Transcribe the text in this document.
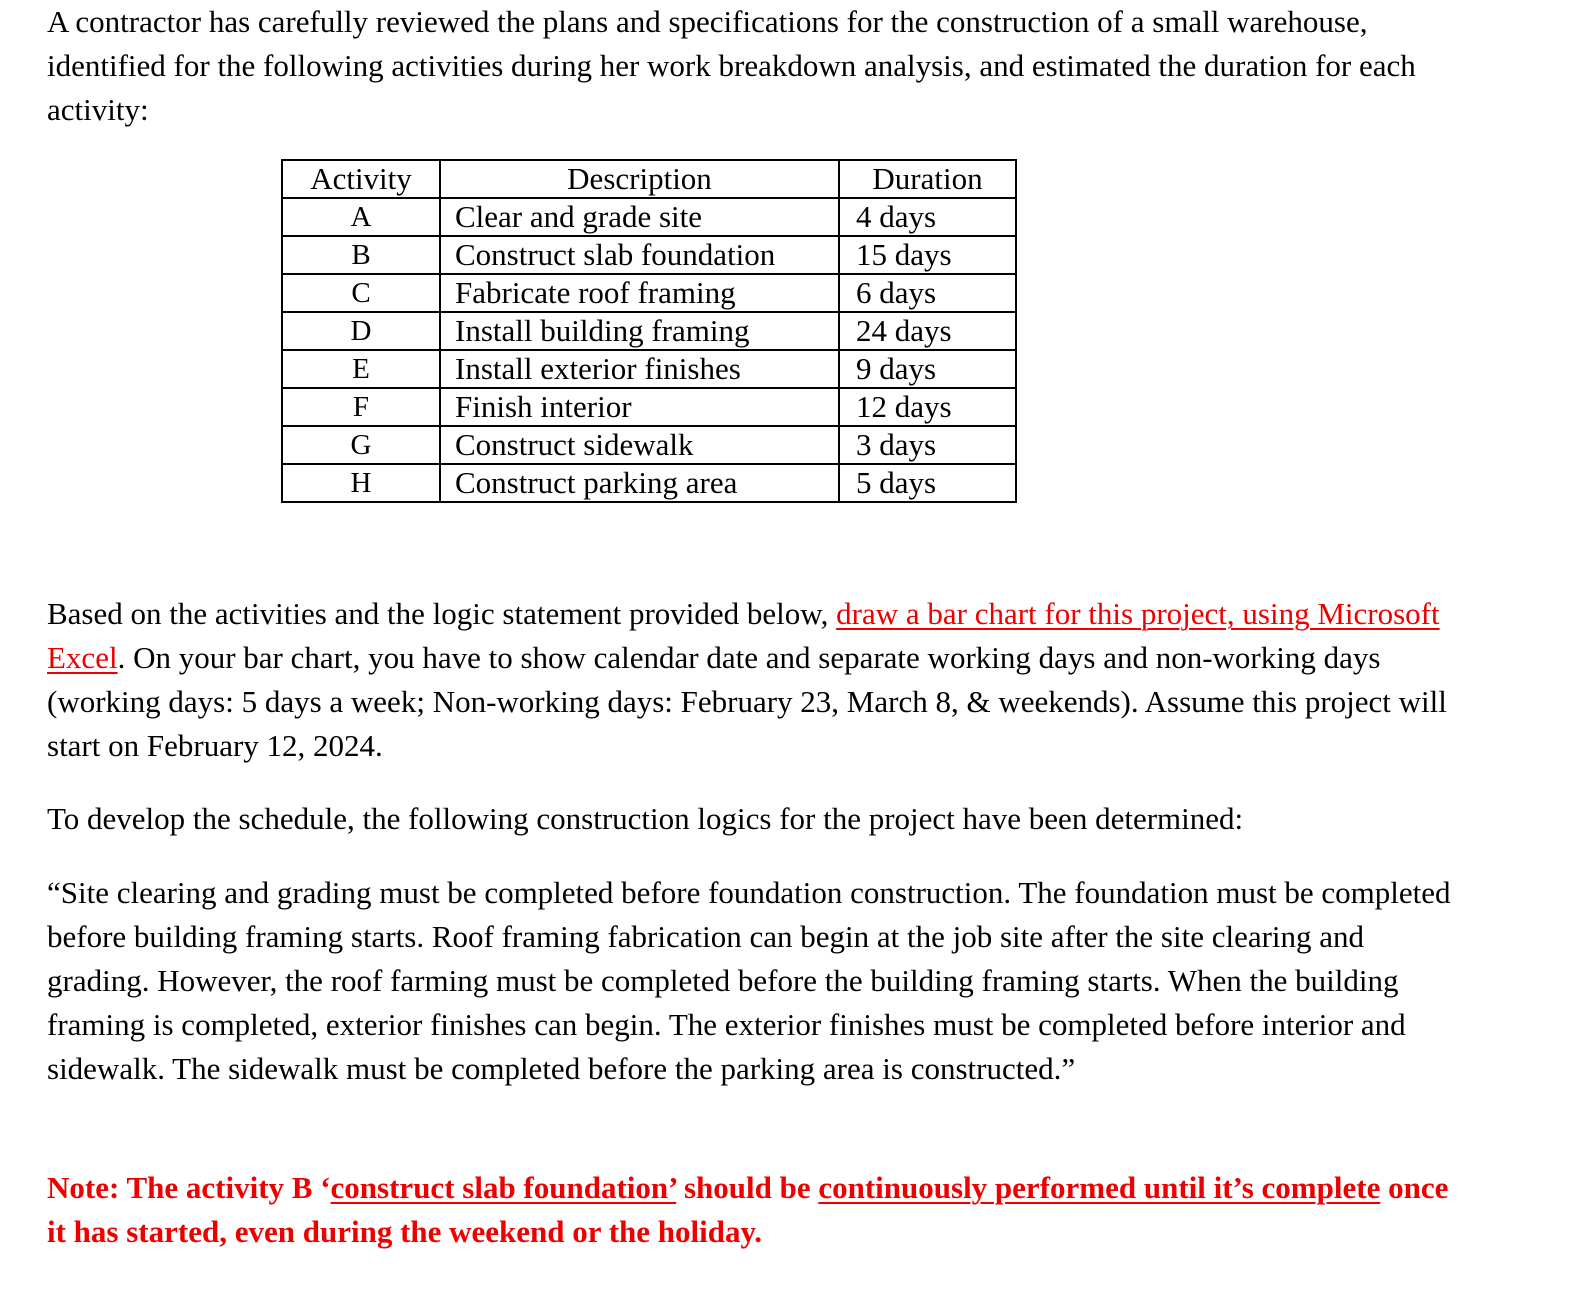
A contractor has carefully reviewed the plans and specifications for the construction of a small warehouse, identified for the following activities during her work breakdown analysis, and estimated the duration for each activity:

Activity	Description	Duration
A	Clear and grade site	4 days
B	Construct slab foundation	15 days
C	Fabricate roof framing	6 days
D	Install building framing	24 days
E	Install exterior finishes	9 days
F	Finish interior	12 days
G	Construct sidewalk	3 days
H	Construct parking area	5 days

Based on the activities and the logic statement provided below, draw a bar chart for this project, using Microsoft Excel. On your bar chart, you have to show calendar date and separate working days and non-working days (working days: 5 days a week; Non-working days: February 23, March 8, & weekends). Assume this project will start on February 12, 2024.

To develop the schedule, the following construction logics for the project have been determined:

“Site clearing and grading must be completed before foundation construction. The foundation must be completed before building framing starts. Roof framing fabrication can begin at the job site after the site clearing and grading. However, the roof farming must be completed before the building framing starts. When the building framing is completed, exterior finishes can begin. The exterior finishes must be completed before interior and sidewalk. The sidewalk must be completed before the parking area is constructed.”

Note: The activity B ‘construct slab foundation’ should be continuously performed until it’s complete once it has started, even during the weekend or the holiday.
